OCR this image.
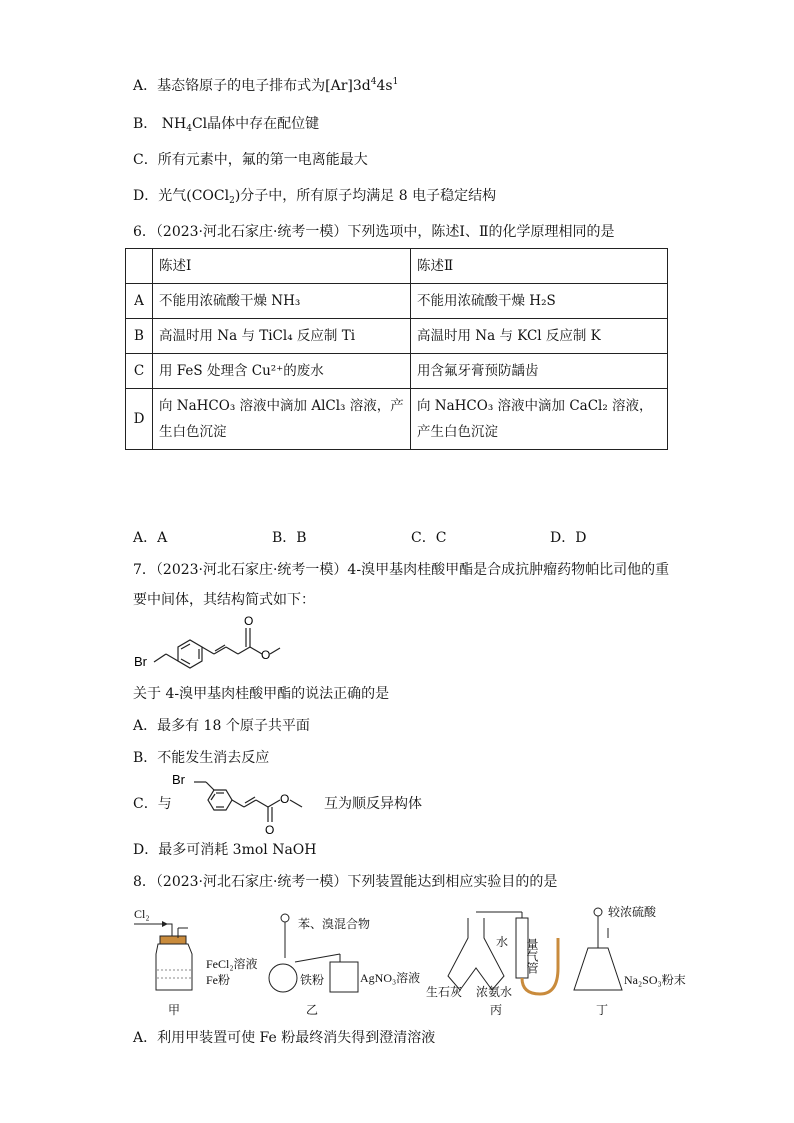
A．基态铬原子的电子排布式为$[Ar]3d^44s^1$
B． $NH_4Cl$晶体中存在配位键
C．所有元素中，氟的第一电离能最大
D．光气(COCl$_2$)分子中，所有原子均满足 8 电子稳定结构
6．（2023·河北石家庄·统考一模）下列选项中，陈述Ⅰ、Ⅱ的化学原理相同的是
	陈述Ⅰ	陈述Ⅱ
A	不能用浓硫酸干燥 NH₃	不能用浓硫酸干燥 H₂S
B	高温时用 Na 与 TiCl₄ 反应制 Ti	高温时用 Na 与 KCl 反应制 K
C	用 FeS 处理含 Cu²⁺的废水	用含氟牙膏预防龋齿
D	向 NaHCO₃ 溶液中滴加 AlCl₃ 溶液，产生白色沉淀	向 NaHCO₃ 溶液中滴加 CaCl₂ 溶液，产生白色沉淀
A．A	B．B	C．C	D．D
7．（2023·河北石家庄·统考一模）4-溴甲基肉桂酸甲酯是合成抗肿瘤药物帕比司他的重
要中间体，其结构简式如下：
Br
O
O
关于 4-溴甲基肉桂酸甲酯的说法正确的是
A．最多有 18 个原子共平面
B．不能发生消去反应
C．与
Br
O
O
互为顺反异构体
D．最多可消耗 3mol NaOH
8．（2023·河北石家庄·统考一模）下列装置能达到相应实验目的的是
Cl₂
FeCl₂溶液
Fe粉
甲
苯、溴混合物
铁粉	AgNO₃溶液
乙
水 量气管
生石灰 浓氨水
丙
较浓硫酸
Na₂SO₃粉末
丁
A．利用甲装置可使 Fe 粉最终消失得到澄清溶液
